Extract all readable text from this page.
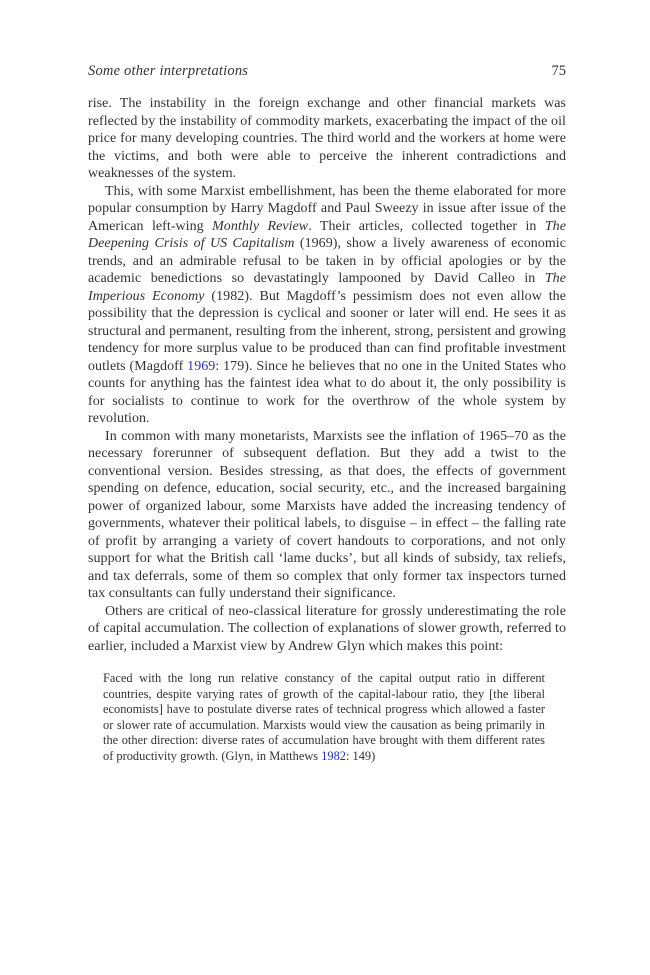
Some other interpretations	75

rise. The instability in the foreign exchange and other financial markets was reflected by the instability of commodity markets, exacerbating the impact of the oil price for many developing countries. The third world and the workers at home were the victims, and both were able to perceive the inherent contradictions and weaknesses of the system.

This, with some Marxist embellishment, has been the theme elaborated for more popular consumption by Harry Magdoff and Paul Sweezy in issue after issue of the American left-wing Monthly Review. Their articles, collected together in The Deepening Crisis of US Capitalism (1969), show a lively awareness of economic trends, and an admirable refusal to be taken in by official apologies or by the academic benedictions so devastatingly lampooned by David Calleo in The Imperious Economy (1982). But Magdoff’s pessimism does not even allow the possibility that the depression is cyclical and sooner or later will end. He sees it as structural and permanent, resulting from the inherent, strong, persistent and growing tendency for more surplus value to be produced than can find profitable investment outlets (Magdoff 1969: 179). Since he believes that no one in the United States who counts for anything has the faintest idea what to do about it, the only possibility is for socialists to continue to work for the overthrow of the whole system by revolution.

In common with many monetarists, Marxists see the inflation of 1965–70 as the necessary forerunner of subsequent deflation. But they add a twist to the conventional version. Besides stressing, as that does, the effects of government spending on defence, education, social security, etc., and the increased bargaining power of organized labour, some Marxists have added the increasing tendency of governments, whatever their political labels, to disguise – in effect – the falling rate of profit by arranging a variety of covert handouts to corporations, and not only support for what the British call ‘lame ducks’, but all kinds of subsidy, tax reliefs, and tax deferrals, some of them so complex that only former tax inspectors turned tax consultants can fully understand their significance.

Others are critical of neo-classical literature for grossly underestimating the role of capital accumulation. The collection of explanations of slower growth, referred to earlier, included a Marxist view by Andrew Glyn which makes this point:

Faced with the long run relative constancy of the capital output ratio in different countries, despite varying rates of growth of the capital-labour ratio, they [the liberal economists] have to postulate diverse rates of technical progress which allowed a faster or slower rate of accumulation. Marxists would view the causation as being primarily in the other direction: diverse rates of accumulation have brought with them different rates of productivity growth. (Glyn, in Matthews 1982: 149)
